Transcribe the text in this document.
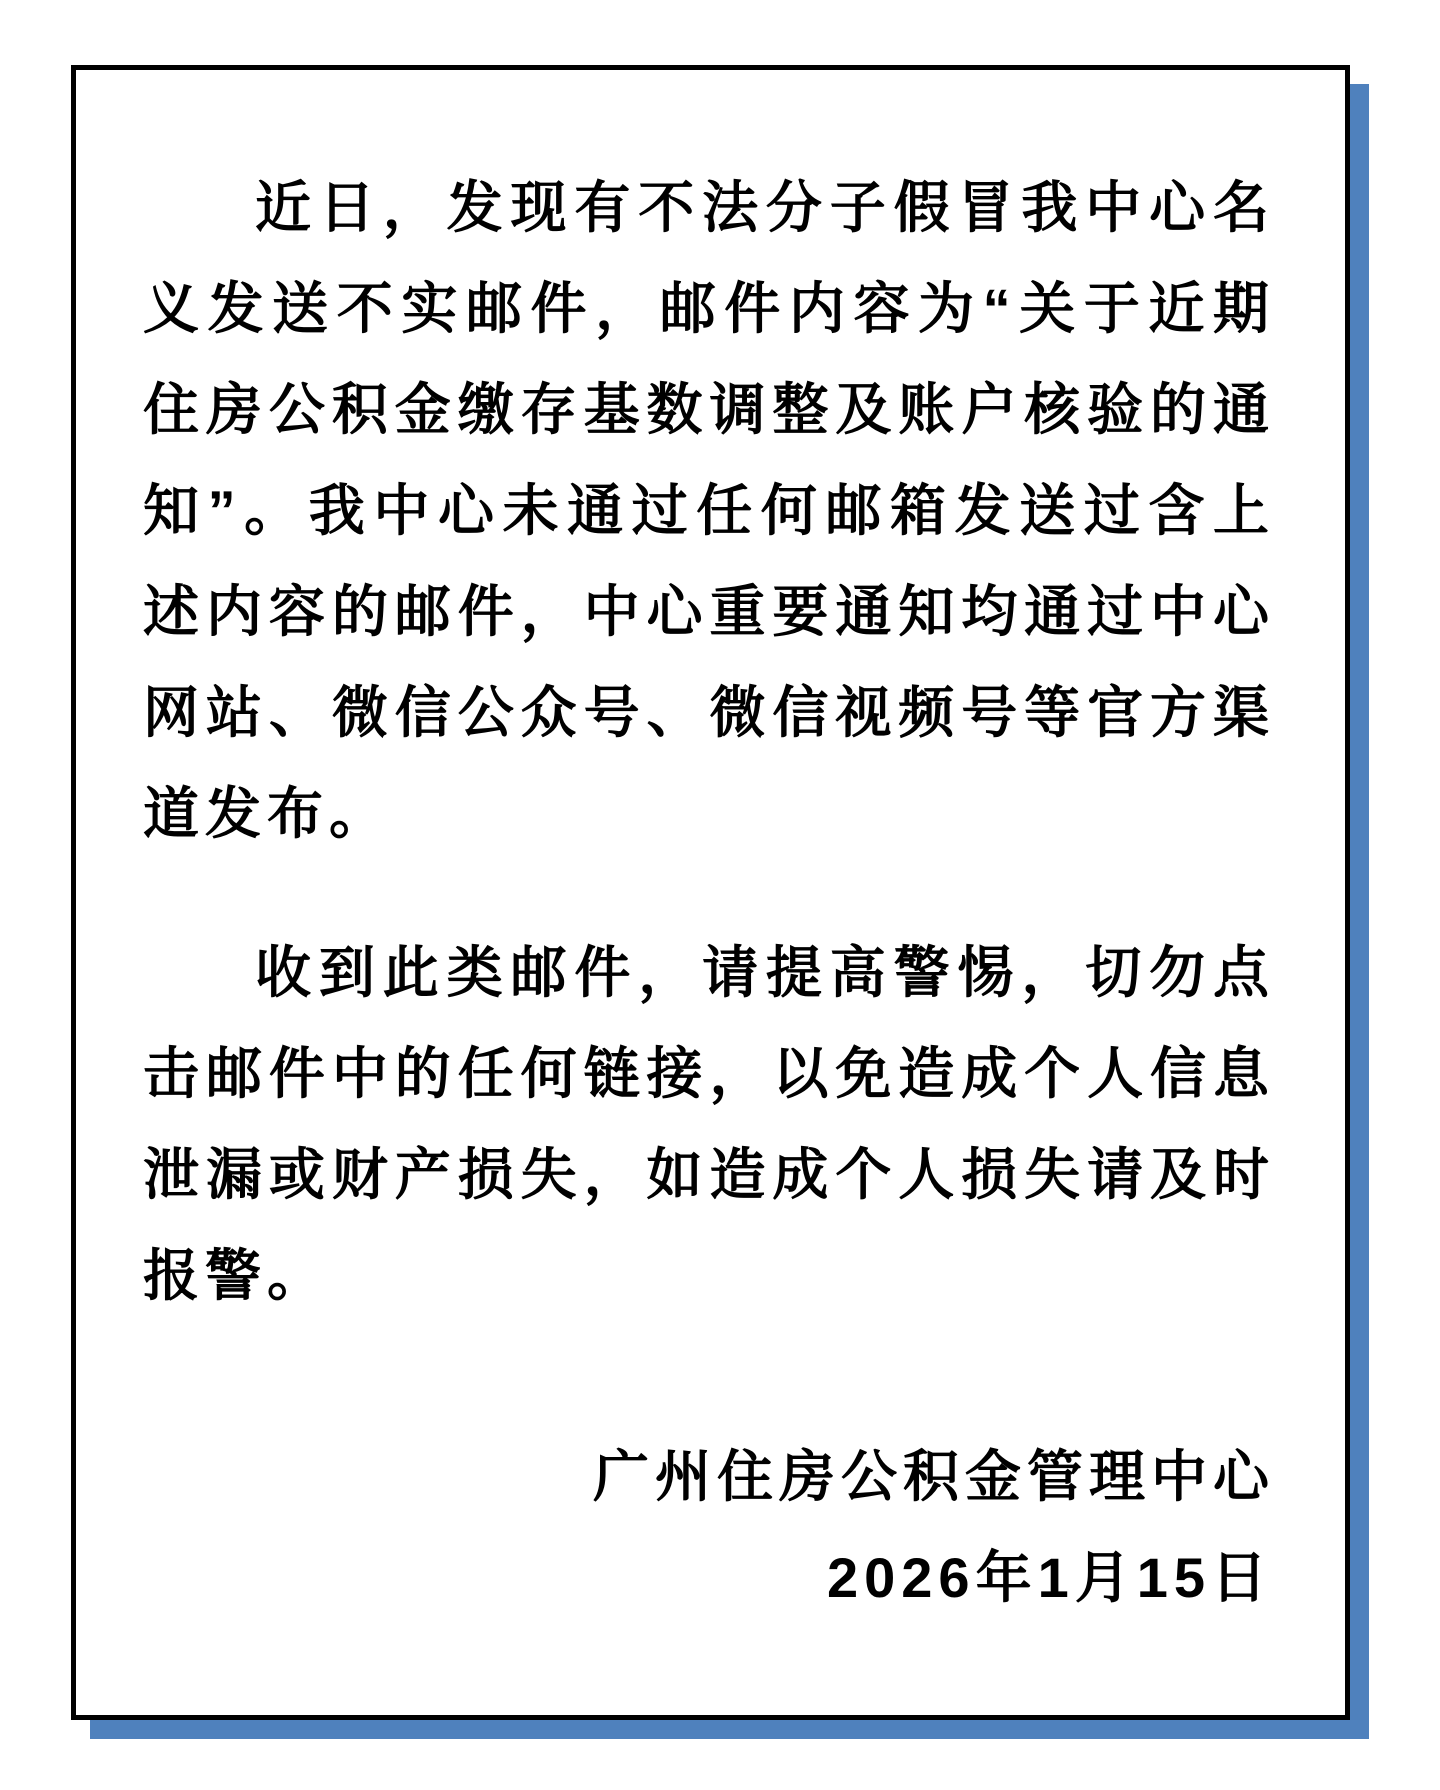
近日，发现有不法分子假冒我中心名义发送不实邮件，邮件内容为“关于近期住房公积金缴存基数调整及账户核验的通知”。我中心未通过任何邮箱发送过含上述内容的邮件，中心重要通知均通过中心网站、微信公众号、微信视频号等官方渠道发布。

收到此类邮件，请提高警惕，切勿点击邮件中的任何链接，以免造成个人信息泄漏或财产损失，如造成个人损失请及时报警。

广州住房公积金管理中心

2026年1月15日
